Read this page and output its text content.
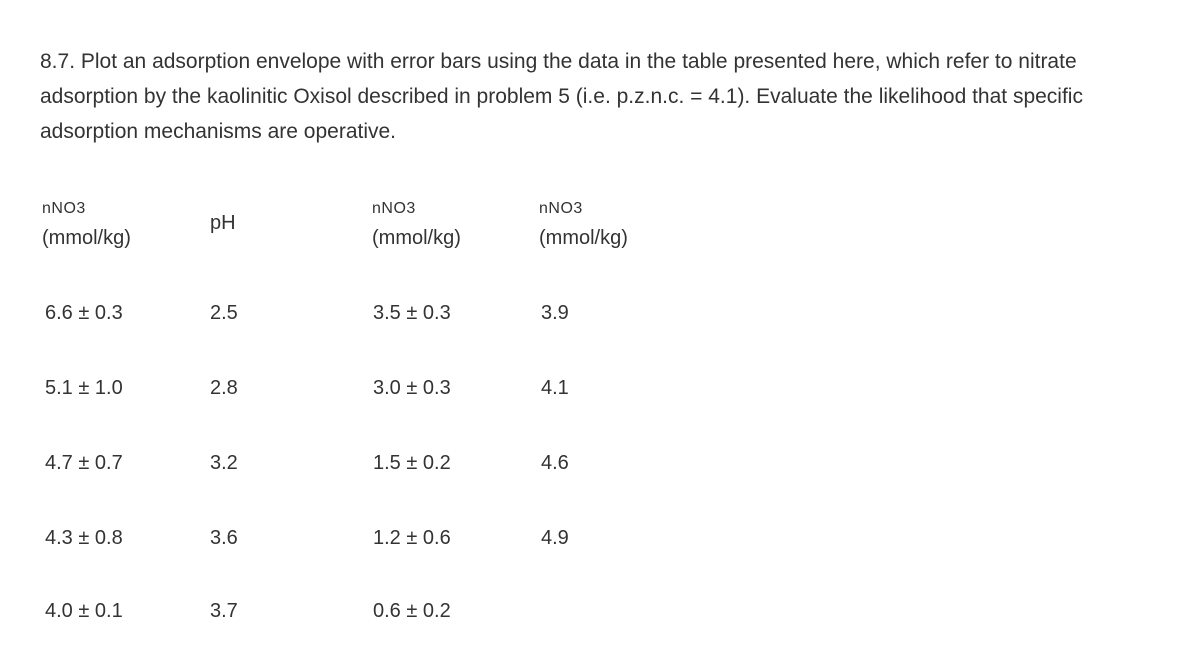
8.7. Plot an adsorption envelope with error bars using the data in the table presented here, which refer to nitrate adsorption by the kaolinitic Oxisol described in problem 5 (i.e. p.z.n.c. = 4.1). Evaluate the likelihood that specific adsorption mechanisms are operative.

nNO3
(mmol/kg)
pH
nNO3
(mmol/kg)
nNO3
(mmol/kg)
6.6 ± 0.3
5.1 ± 1.0
4.7 ± 0.7
4.3 ± 0.8
4.0 ± 0.1
2.5
2.8
3.2
3.6
3.7
3.5 ± 0.3
3.0 ± 0.3
1.5 ± 0.2
1.2 ± 0.6
0.6 ± 0.2
3.9
4.1
4.6
4.9
